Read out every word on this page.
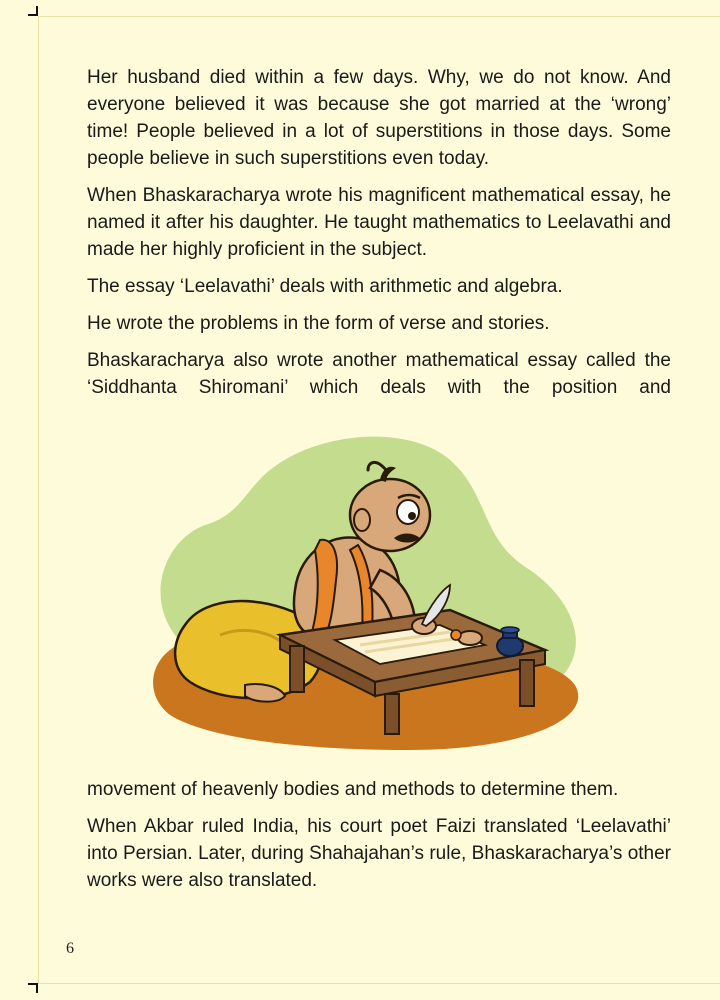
Her husband died within a few days. Why, we do not know. And everyone believed it was because she got married at the ‘wrong’ time! People believed in a lot of superstitions in those days. Some people believe in such superstitions even today.

When Bhaskaracharya wrote his magnificent mathematical essay, he named it after his daughter. He taught mathematics to Leelavathi and made her highly proficient in the subject.

The essay ‘Leelavathi’ deals with arithmetic and algebra.

He wrote the problems in the form of verse and stories.

Bhaskaracharya also wrote another mathematical essay called the ‘Siddhanta Shiromani’ which deals with the position and

movement of heavenly bodies and methods to determine them.

When Akbar ruled India, his court poet Faizi translated ‘Leelavathi’ into Persian. Later, during Shahajahan’s rule, Bhaskaracharya’s other works were also translated.

6
